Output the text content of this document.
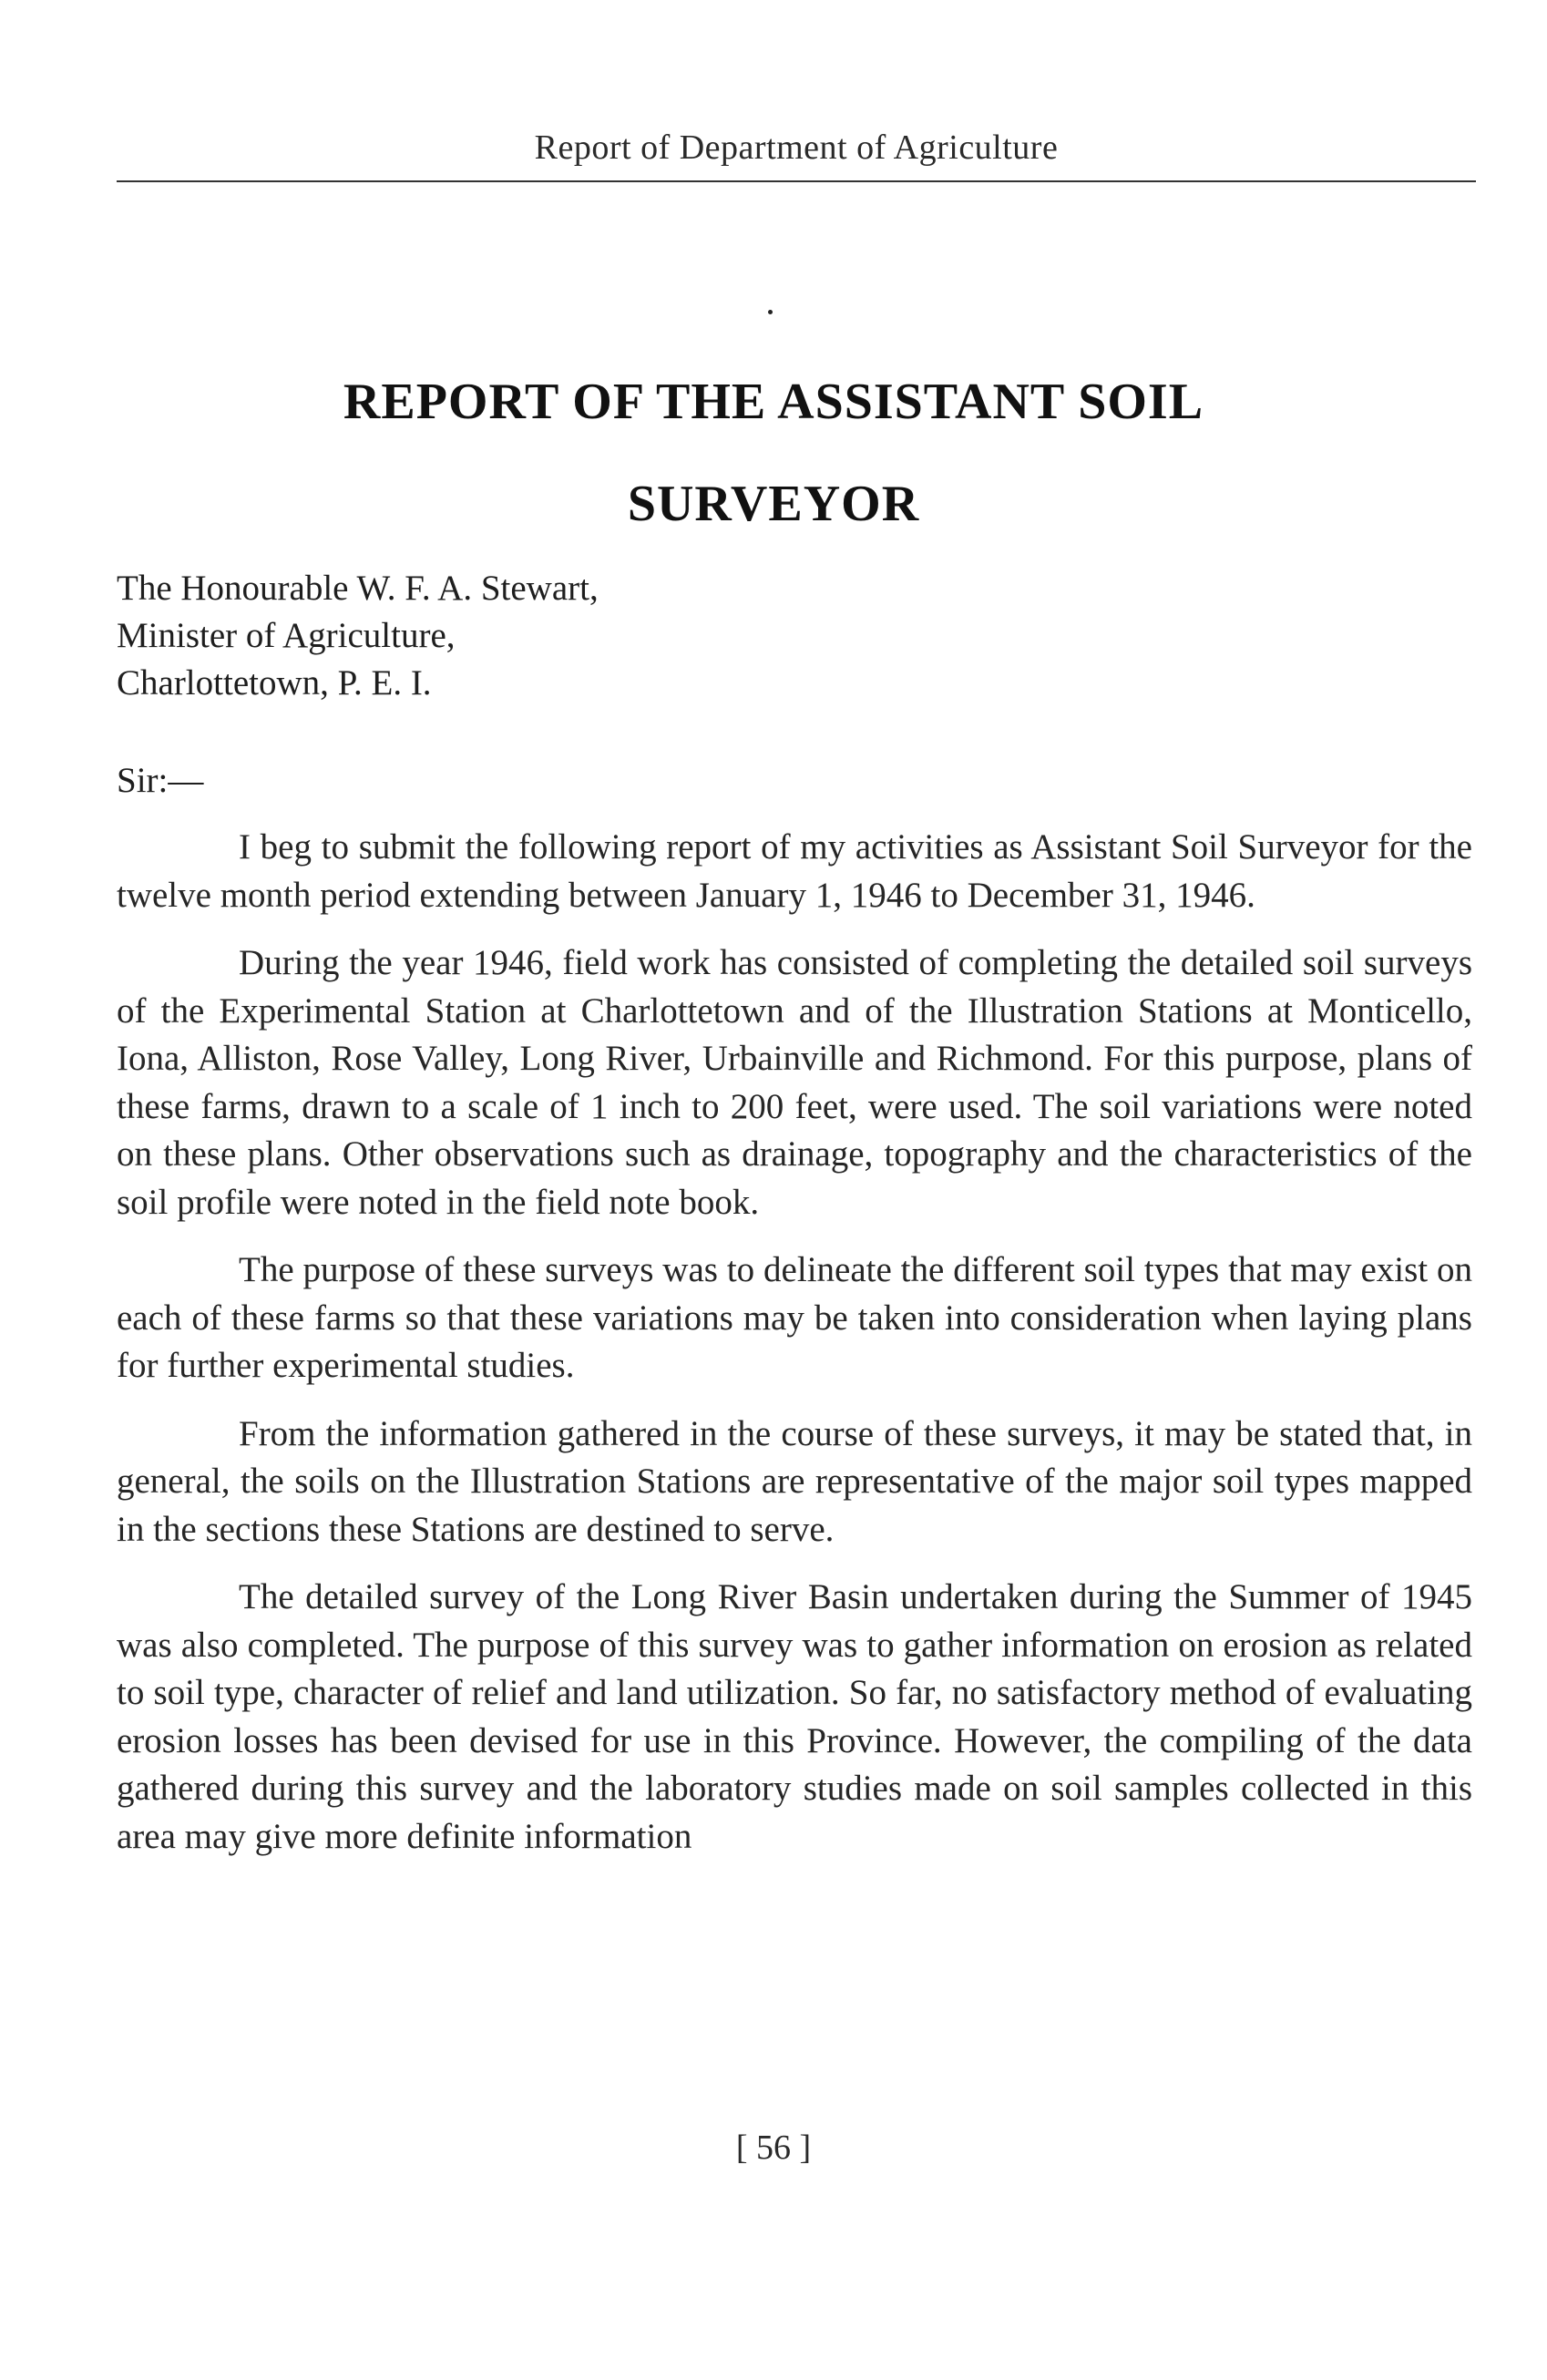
Report of Department of Agriculture
REPORT OF THE ASSISTANT SOIL
SURVEYOR
The Honourable W. F. A. Stewart,
Minister of Agriculture,
Charlottetown, P. E. I.
Sir:—

I beg to submit the following report of my activities as Assistant Soil Surveyor for the twelve month period extending between January 1, 1946 to December 31, 1946.

During the year 1946, field work has consisted of completing the detailed soil surveys of the Experimental Station at Charlottetown and of the Illustration Stations at Monticello, Iona, Alliston, Rose Valley, Long River, Urbainville and Richmond. For this purpose, plans of these farms, drawn to a scale of 1 inch to 200 feet, were used. The soil variations were noted on these plans. Other observations such as drainage, topography and the characteristics of the soil profile were noted in the field note book.

The purpose of these surveys was to delineate the different soil types that may exist on each of these farms so that these variations may be taken into consideration when laying plans for further experimental studies.

From the information gathered in the course of these surveys, it may be stated that, in general, the soils on the Illustration Stations are representative of the major soil types mapped in the sections these Stations are destined to serve.

The detailed survey of the Long River Basin undertaken during the Summer of 1945 was also completed. The purpose of this survey was to gather information on erosion as related to soil type, character of relief and land utilization. So far, no satisfactory method of evaluating erosion losses has been devised for use in this Province. However, the compiling of the data gathered during this survey and the laboratory studies made on soil samples collected in this area may give more definite information

[ 56 ]
